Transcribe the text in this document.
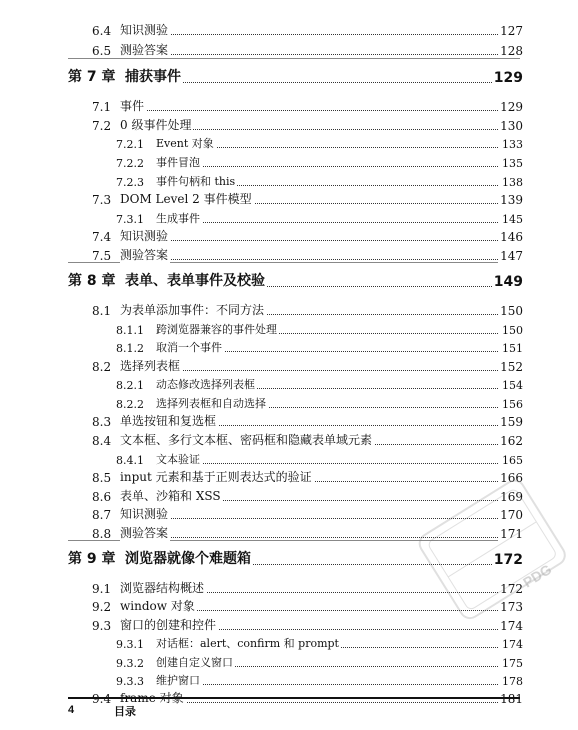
6.4 知识测验	127
6.5 测验答案	128
第 7 章 捕获事件	129
7.1 事件	129
7.2 0 级事件处理	130
7.2.1 Event 对象	133
7.2.2 事件冒泡	135
7.2.3 事件句柄和 this	138
7.3 DOM Level 2 事件模型	139
7.3.1 生成事件	145
7.4 知识测验	146
7.5 测验答案	147
第 8 章 表单、表单事件及校验	149
8.1 为表单添加事件：不同方法	150
8.1.1 跨浏览器兼容的事件处理	150
8.1.2 取消一个事件	151
8.2 选择列表框	152
8.2.1 动态修改选择列表框	154
8.2.2 选择列表框和自动选择	156
8.3 单选按钮和复选框	159
8.4 文本框、多行文本框、密码框和隐藏表单域元素	162
8.4.1 文本验证	165
8.5 input 元素和基于正则表达式的验证	166
8.6 表单、沙箱和 XSS	169
8.7 知识测验	170
8.8 测验答案	171
第 9 章 浏览器就像个难题箱	172
9.1 浏览器结构概述	172
9.2 window 对象	173
9.3 窗口的创建和控件	174
9.3.1 对话框：alert、confirm 和 prompt	174
9.3.2 创建自定义窗口	175
9.3.3 维护窗口	178
9.4 frame 对象	181
4	目录
PDG
